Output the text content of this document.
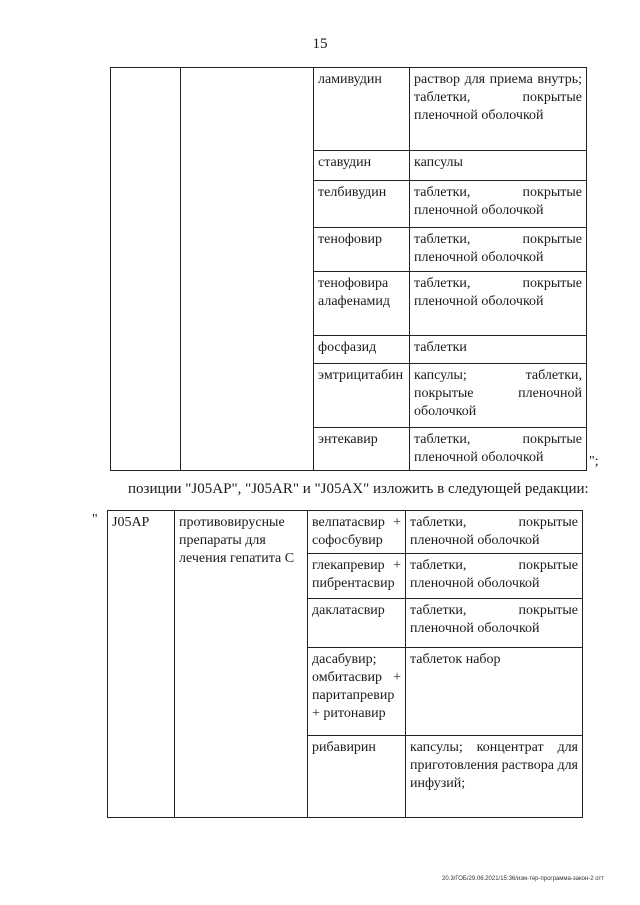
15
		ламивудин	раствор для приема внутрь; таблетки, покрытые пленочной оболочкой
		ставудин	капсулы
		телбивудин	таблетки, покрытые пленочной оболочкой
		тенофовир	таблетки, покрытые пленочной оболочкой
		тенофовира алафенамид	таблетки, покрытые пленочной оболочкой
		фосфазид	таблетки
		эмтрицитабин	капсулы; таблетки, покрытые пленочной оболочкой
		энтекавир	таблетки, покрытые пленочной оболочкой	";
позиции "J05AP", "J05AR" и "J05AX" изложить в следующей редакции:
" J05AP	противовирусные препараты для лечения гепатита C	велпатасвир + софосбувир	таблетки, покрытые пленочной оболочкой
		глекапревир + пибрентасвир	таблетки, покрытые пленочной оболочкой
		даклатасвир	таблетки, покрытые пленочной оболочкой
		дасабувир; омбитасвир + паритапревир + ритонавир	таблеток набор
		рибавирин	капсулы; концентрат для приготовления раствора для инфузий;
20.3/ГОБ/29.06.2021/15:36/изм-тер-программа-закон-2 отт
